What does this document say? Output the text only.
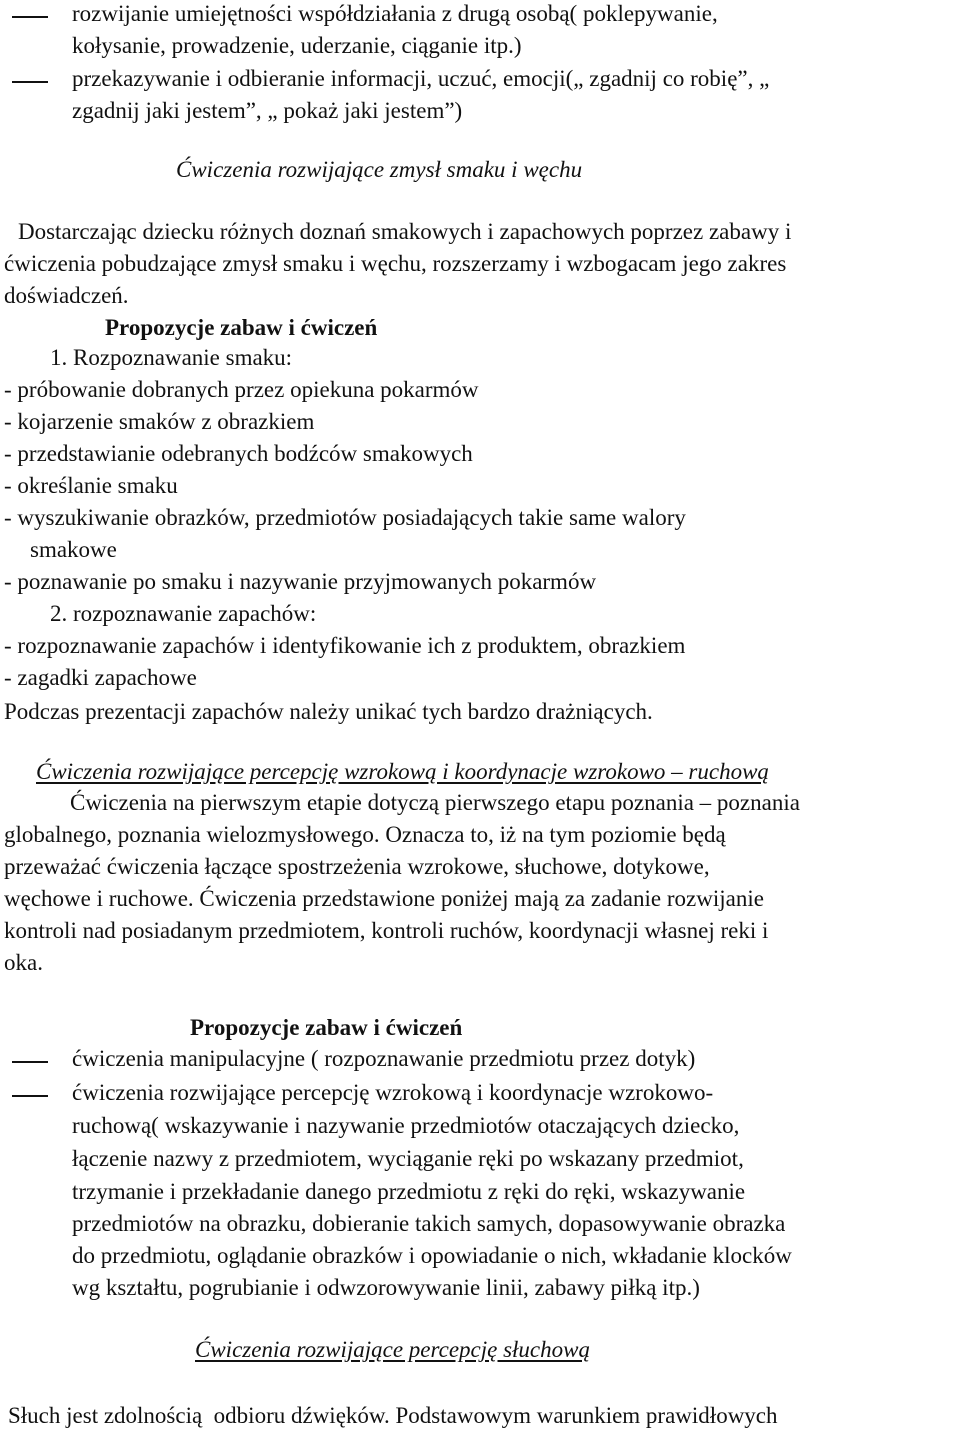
rozwijanie umiejętności współdziałania z drugą osobą( poklepywanie,
kołysanie, prowadzenie, uderzanie, ciąganie itp.)
przekazywanie i odbieranie informacji, uczuć, emocji(„ zgadnij co robię”, „
zgadnij jaki jestem”, „ pokaż jaki jestem”)
Ćwiczenia rozwijające zmysł smaku i węchu
Dostarczając dziecku różnych doznań smakowych i zapachowych poprzez zabawy i
ćwiczenia pobudzające zmysł smaku i węchu, rozszerzamy i wzbogacam jego zakres
doświadczeń.
Propozycje zabaw i ćwiczeń
1. Rozpoznawanie smaku:
- próbowanie dobranych przez opiekuna pokarmów
- kojarzenie smaków z obrazkiem
- przedstawianie odebranych bodźców smakowych
- określanie smaku
- wyszukiwanie obrazków, przedmiotów posiadających takie same walory
smakowe
- poznawanie po smaku i nazywanie przyjmowanych pokarmów
2. rozpoznawanie zapachów:
- rozpoznawanie zapachów i identyfikowanie ich z produktem, obrazkiem
- zagadki zapachowe
Podczas prezentacji zapachów należy unikać tych bardzo drażniących.
Ćwiczenia rozwijające percepcję wzrokową i koordynacje wzrokowo – ruchową
Ćwiczenia na pierwszym etapie dotyczą pierwszego etapu poznania – poznania
globalnego, poznania wielozmysłowego. Oznacza to, iż na tym poziomie będą
przeważać ćwiczenia łączące spostrzeżenia wzrokowe, słuchowe, dotykowe,
węchowe i ruchowe. Ćwiczenia przedstawione poniżej mają za zadanie rozwijanie
kontroli nad posiadanym przedmiotem, kontroli ruchów, koordynacji własnej reki i
oka.
Propozycje zabaw i ćwiczeń
ćwiczenia manipulacyjne ( rozpoznawanie przedmiotu przez dotyk)
ćwiczenia rozwijające percepcję wzrokową i koordynacje wzrokowo-
ruchową( wskazywanie i nazywanie przedmiotów otaczających dziecko,
łączenie nazwy z przedmiotem, wyciąganie ręki po wskazany przedmiot,
trzymanie i przekładanie danego przedmiotu z ręki do ręki, wskazywanie
przedmiotów na obrazku, dobieranie takich samych, dopasowywanie obrazka
do przedmiotu, oglądanie obrazków i opowiadanie o nich, wkładanie klocków
wg kształtu, pogrubianie i odwzorowywanie linii, zabawy piłką itp.)
Ćwiczenia rozwijające percepcję słuchową
Słuch jest zdolnością  odbioru dźwięków. Podstawowym warunkiem prawidłowych
